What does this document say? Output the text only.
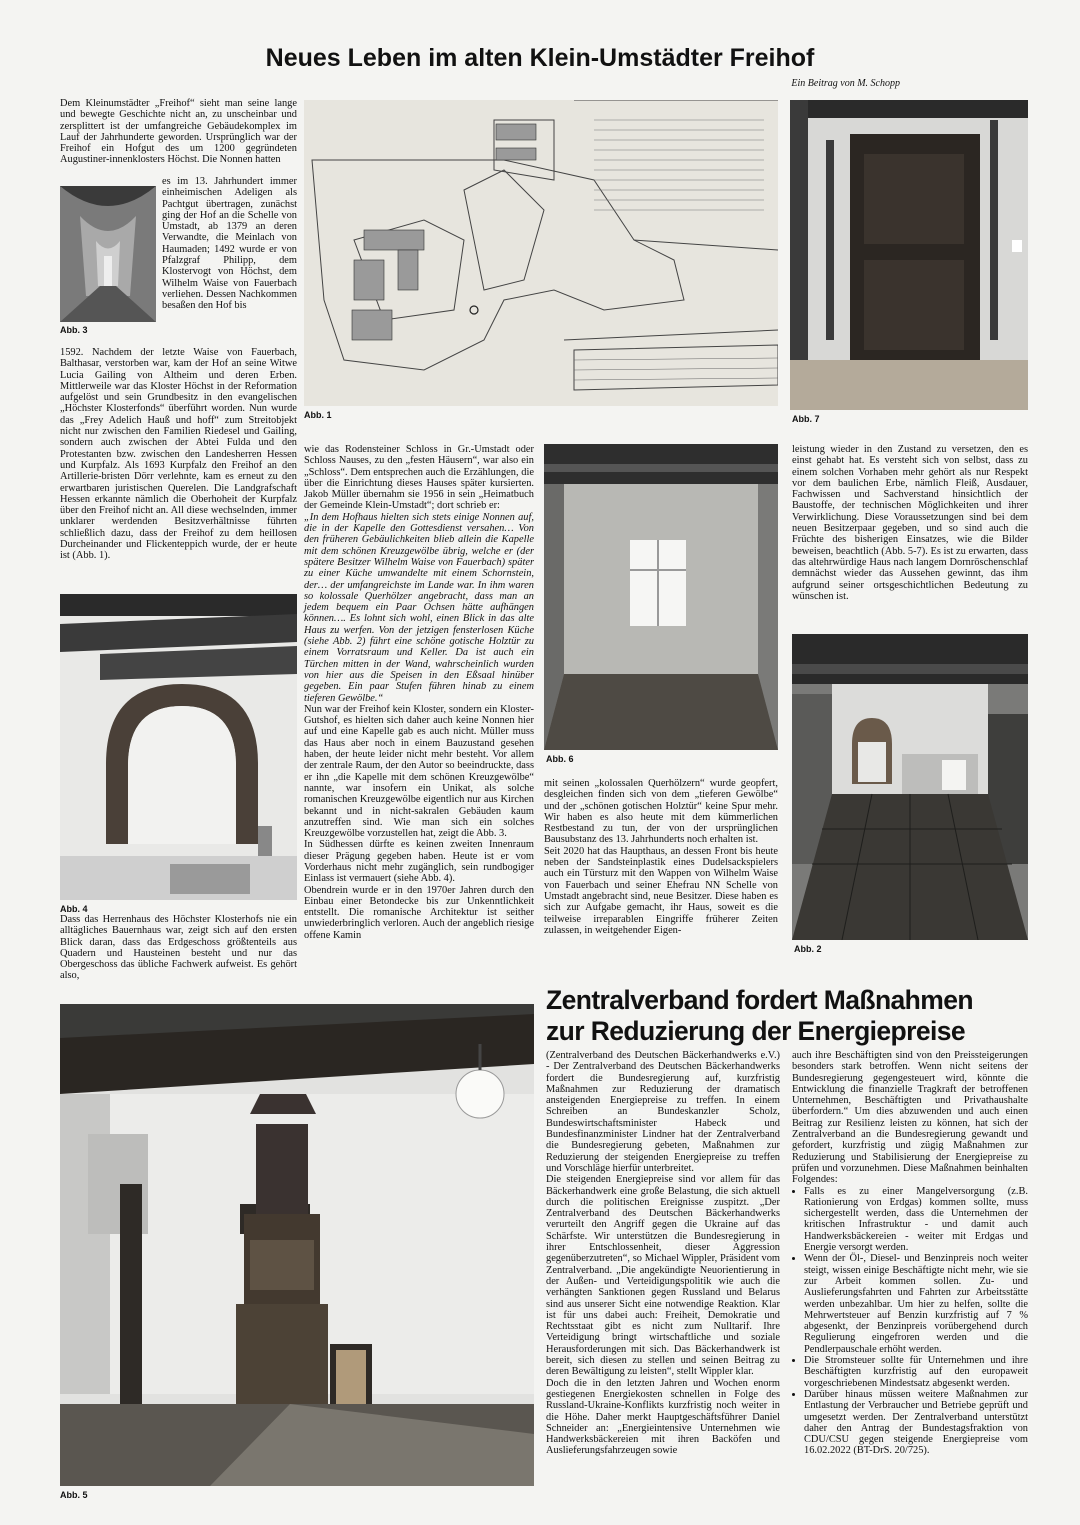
Neues Leben im alten Klein-Umstädter Freihof
Ein Beitrag von M. Schopp

Dem Kleinumstädter „Freihof“ sieht man seine lange und bewegte Geschichte nicht an, zu unscheinbar und zersplittert ist der umfangreiche Gebäudekomplex im Lauf der Jahrhunderte geworden. Ursprünglich war der Freihof ein Hofgut des um 1200 gegründeten Augustiner-innenklosters Höchst. Die Nonnen hatten

Abb. 3

es im 13. Jahrhundert immer einheimischen Adeligen als Pachtgut übertragen, zunächst ging der Hof an die Schelle von Umstadt, ab 1379 an deren Verwandte, die Meinlach von Haumaden; 1492 wurde er von Pfalzgraf Philipp, dem Klostervogt von Höchst, dem Wilhelm Waise von Fauerbach verliehen. Dessen Nachkommen besaßen den Hof bis

1592. Nachdem der letzte Waise von Fauerbach, Balthasar, verstorben war, kam der Hof an seine Witwe Lucia Gailing von Altheim und deren Erben. Mittlerweile war das Kloster Höchst in der Reformation aufgelöst und sein Grundbesitz in den evangelischen „Höchster Klosterfonds“ überführt worden. Nun wurde das „Frey Adelich Hauß und hoff“ zum Streitobjekt nicht nur zwischen den Familien Riedesel und Gailing, sondern auch zwischen der Abtei Fulda und den Protestanten bzw. zwischen den Landesherren Hessen und Kurpfalz. Als 1693 Kurpfalz den Freihof an den Artillerie-bristen Dörr verlehnte, kam es erneut zu den erwartbaren juristischen Querelen. Die Landgrafschaft Hessen erkannte nämlich die Oberhoheit der Kurpfalz über den Freihof nicht an. All diese wechselnden, immer unklarer werdenden Besitzverhältnisse führten schließlich dazu, dass der Freihof zu dem heillosen Durcheinander und Flickenteppich wurde, der er heute ist (Abb. 1).

Abb. 4

Dass das Herrenhaus des Höchster Klosterhofs nie ein alltägliches Bauernhaus war, zeigt sich auf den ersten Blick daran, dass das Erdgeschoss größtenteils aus Quadern und Hausteinen besteht und nur das Obergeschoss das übliche Fachwerk aufweist. Es gehört also,

Abb. 1

wie das Rodensteiner Schloss in Gr.-Umstadt oder Schloss Nauses, zu den „festen Häusern“, war also ein „Schloss“. Dem entsprechen auch die Erzählungen, die über die Einrichtung dieses Hauses später kursierten. Jakob Müller übernahm sie 1956 in sein „Heimatbuch der Gemeinde Klein-Umstadt“; dort schrieb er:

„In dem Hofhaus hielten sich stets einige Nonnen auf, die in der Kapelle den Gottesdienst versahen… Von den früheren Gebäulichkeiten blieb allein die Kapelle mit dem schönen Kreuzgewölbe übrig, welche er (der spätere Besitzer Wilhelm Waise von Fauerbach) später zu einer Küche umwandelte mit einem Schornstein, der… der umfangreichste im Lande war. In ihm waren so kolossale Querhölzer angebracht, dass man an jedem bequem ein Paar Ochsen hätte aufhängen können…. Es lohnt sich wohl, einen Blick in das alte Haus zu werfen. Von der jetzigen fensterlosen Küche (siehe Abb. 2) führt eine schöne gotische Holztür zu einem Vorratsraum und Keller. Da ist auch ein Türchen mitten in der Wand, wahrscheinlich wurden von hier aus die Speisen in den Eßsaal hinüber gegeben. Ein paar Stufen führen hinab zu einem tieferen Gewölbe.“

Nun war der Freihof kein Kloster, sondern ein Kloster-Gutshof, es hielten sich daher auch keine Nonnen hier auf und eine Kapelle gab es auch nicht. Müller muss das Haus aber noch in einem Bauzustand gesehen haben, der heute leider nicht mehr besteht. Vor allem der zentrale Raum, der den Autor so beeindruckte, dass er ihn „die Kapelle mit dem schönen Kreuzgewölbe“ nannte, war insofern ein Unikat, als solche romanischen Kreuzgewölbe eigentlich nur aus Kirchen bekannt und in nicht-sakralen Gebäuden kaum anzutreffen sind. Wie man sich ein solches Kreuzgewölbe vorzustellen hat, zeigt die Abb. 3.

In Südhessen dürfte es keinen zweiten Innenraum dieser Prägung gegeben haben. Heute ist er vom Vorderhaus nicht mehr zugänglich, sein rundbogiger Einlass ist vermauert (siehe Abb. 4).

Obendrein wurde er in den 1970er Jahren durch den Einbau einer Betondecke bis zur Unkenntlichkeit entstellt. Die romanische Architektur ist seither unwiederbringlich verloren. Auch der angeblich riesige offene Kamin

Abb. 6

mit seinen „kolossalen Querhölzern“ wurde geopfert, desgleichen finden sich von dem „tieferen Gewölbe“ und der „schönen gotischen Holztür“ keine Spur mehr. Wir haben es also heute mit dem kümmerlichen Restbestand zu tun, der von der ursprünglichen Bausubstanz des 13. Jahrhunderts noch erhalten ist.

Seit 2020 hat das Haupthaus, an dessen Front bis heute neben der Sandsteinplastik eines Dudelsackspielers auch ein Türsturz mit den Wappen von Wilhelm Waise von Fauerbach und seiner Ehefrau NN Schelle von Umstadt angebracht sind, neue Besitzer. Diese haben es sich zur Aufgabe gemacht, ihr Haus, soweit es die teilweise irreparablen Eingriffe früherer Zeiten zulassen, in weitgehender Eigen-

Abb. 7

leistung wieder in den Zustand zu versetzen, den es einst gehabt hat. Es versteht sich von selbst, dass zu einem solchen Vorhaben mehr gehört als nur Respekt vor dem baulichen Erbe, nämlich Fleiß, Ausdauer, Fachwissen und Sachverstand hinsichtlich der Baustoffe, der technischen Möglichkeiten und ihrer Verwirklichung. Diese Voraussetzungen sind bei dem neuen Besitzerpaar gegeben, und so sind auch die Früchte des bisherigen Einsatzes, wie die Bilder beweisen, beachtlich (Abb. 5-7). Es ist zu erwarten, dass das altehrwürdige Haus nach langem Dornröschenschlaf demnächst wieder das Aussehen gewinnt, das ihm aufgrund seiner ortsgeschichtlichen Bedeutung zu wünschen ist.

Abb. 2
Abb. 5
Zentralverband fordert Maßnahmen
zur Reduzierung der Energiepreise

(Zentralverband des Deutschen Bäckerhandwerks e.V.) - Der Zentralverband des Deutschen Bäckerhandwerks fordert die Bundesregierung auf, kurzfristig Maßnahmen zur Reduzierung der dramatisch ansteigenden Energiepreise zu treffen. In einem Schreiben an Bundeskanzler Scholz, Bundeswirtschaftsminister Habeck und Bundesfinanzminister Lindner hat der Zentralverband die Bundesregierung gebeten, Maßnahmen zur Reduzierung der steigenden Energiepreise zu treffen und Vorschläge hierfür unterbreitet.

Die steigenden Energiepreise sind vor allem für das Bäckerhandwerk eine große Belastung, die sich aktuell durch die politischen Ereignisse zuspitzt. „Der Zentralverband des Deutschen Bäckerhandwerks verurteilt den Angriff gegen die Ukraine auf das Schärfste. Wir unterstützen die Bundesregierung in ihrer Entschlossenheit, dieser Aggression gegenüberzutreten“, so Michael Wippler, Präsident vom Zentralverband. „Die angekündigte Neuorientierung in der Außen- und Verteidigungspolitik wie auch die verhängten Sanktionen gegen Russland und Belarus sind aus unserer Sicht eine notwendige Reaktion. Klar ist für uns dabei auch: Freiheit, Demokratie und Rechtsstaat gibt es nicht zum Nulltarif. Ihre Verteidigung bringt wirtschaftliche und soziale Herausforderungen mit sich. Das Bäckerhandwerk ist bereit, sich diesen zu stellen und seinen Beitrag zu deren Bewältigung zu leisten“, stellt Wippler klar.

Doch die in den letzten Jahren und Wochen enorm gestiegenen Energiekosten schnellen in Folge des Russland-Ukraine-Konflikts kurzfristig noch weiter in die Höhe. Daher merkt Hauptgeschäftsführer Daniel Schneider an: „Energieintensive Unternehmen wie Handwerksbäckereien mit ihren Backöfen und Auslieferungsfahrzeugen sowie

auch ihre Beschäftigten sind von den Preissteigerungen besonders stark betroffen. Wenn nicht seitens der Bundesregierung gegengesteuert wird, könnte die Entwicklung die finanzielle Tragkraft der betroffenen Unternehmen, Beschäftigten und Privathaushalte überfordern.“ Um dies abzuwenden und auch einen Beitrag zur Resilienz leisten zu können, hat sich der Zentralverband an die Bundesregierung gewandt und gefordert, kurzfristig und zügig Maßnahmen zur Reduzierung und Stabilisierung der Energiepreise zu prüfen und vorzunehmen. Diese Maßnahmen beinhalten Folgendes:

• Falls es zu einer Mangelversorgung (z.B. Rationierung von Erdgas) kommen sollte, muss sichergestellt werden, dass die Unternehmen der kritischen Infrastruktur - und damit auch Handwerksbäckereien - weiter mit Erdgas und Energie versorgt werden.
• Wenn der Öl-, Diesel- und Benzinpreis noch weiter steigt, wissen einige Beschäftigte nicht mehr, wie sie zur Arbeit kommen sollen. Zu- und Auslieferungsfahrten und Fahrten zur Arbeitsstätte werden unbezahlbar. Um hier zu helfen, sollte die Mehrwertsteuer auf Benzin kurzfristig auf 7 % abgesenkt, der Benzinpreis vorübergehend durch Regulierung eingefroren werden und die Pendlerpauschale erhöht werden.
• Die Stromsteuer sollte für Unternehmen und ihre Beschäftigten kurzfristig auf den europaweit vorgeschriebenen Mindestsatz abgesenkt werden.
• Darüber hinaus müssen weitere Maßnahmen zur Entlastung der Verbraucher und Betriebe geprüft und umgesetzt werden. Der Zentralverband unterstützt daher den Antrag der Bundestagsfraktion von CDU/CSU gegen steigende Energiepreise vom 16.02.2022 (BT-DrS. 20/725).
